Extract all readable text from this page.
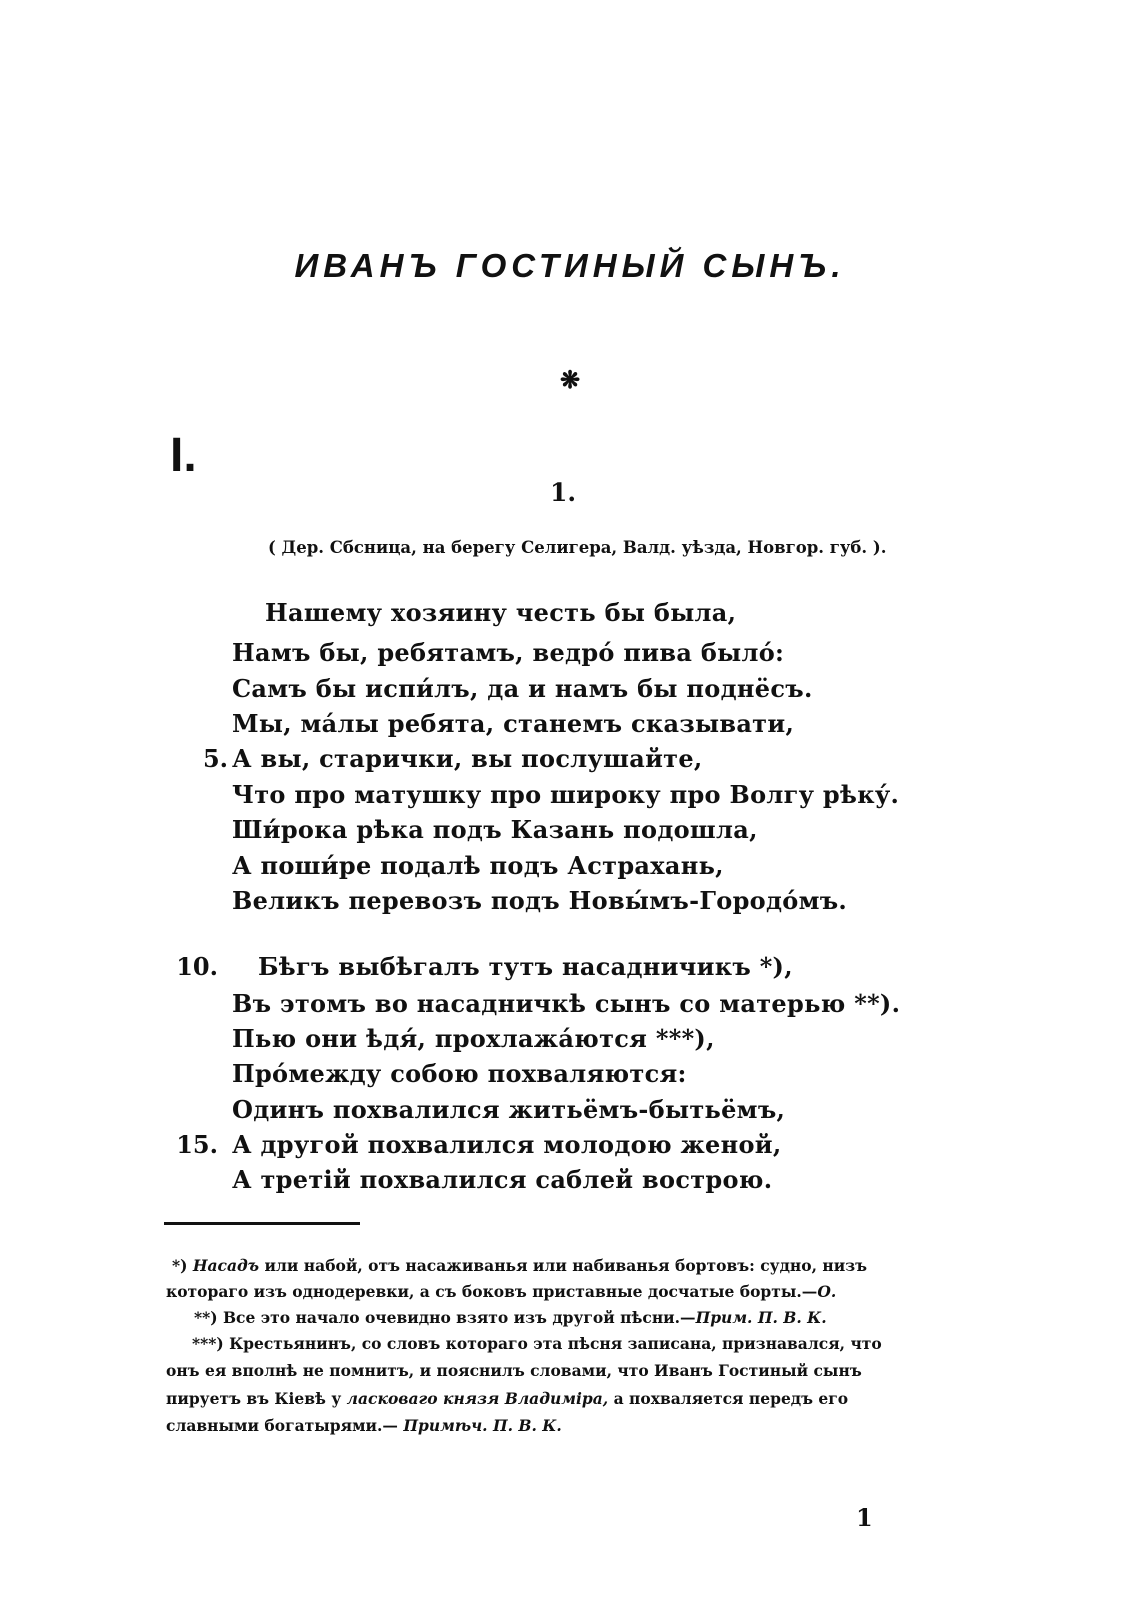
ИВАНЪ ГОСТИНЫЙ СЫНЪ.
❋
I.
1.
( Дер. Сбсница, на берегу Селигера, Валд. уѣзда, Новгор. губ. ).
Нашему хозяину честь бы была,
Намъ бы, ребятамъ, ведро́ пива было́:
Самъ бы испи́лъ, да и намъ бы поднёсъ.
Мы, ма́лы ребята, станемъ сказывати,
5. А вы, старички, вы послушайте,
Что про матушку про широку про Волгу рѣку́.
Ши́рока рѣка подъ Казань подошла,
А поши́ре подалѣ подъ Астрахань,
Великъ перевозъ подъ Новы́мъ-Городо́мъ.
10. Бѣгъ выбѣгалъ тутъ насадничикъ *),
Въ этомъ во насадничкѣ сынъ со матерью **).
Пью они ѣдя́, прохлажа́ются ***),
Про́между собою похваляются:
Одинъ похвалился житьёмъ-бытьёмъ,
15. А другой похвалился молодою женой,
А третій похвалился саблей вострою.
*) Насадъ или набой, отъ насаживанья или набиванья бортовъ: судно, низъ
котораго изъ однодеревки, а съ боковъ приставные досчатые борты.—О.
**) Все это начало очевидно взято изъ другой пѣсни.—Прим. П. В. К.
***) Крестьянинъ, со словъ котораго эта пѣсня записана, признавался, что
онъ ея вполнѣ не помнитъ, и пояснилъ словами, что Иванъ Гостиный сынъ
пируетъ въ Кіевѣ у ласковаго князя Владиміра, а похваляется передъ его
славными богатырями.— Примѣч. П. В. К.
1
